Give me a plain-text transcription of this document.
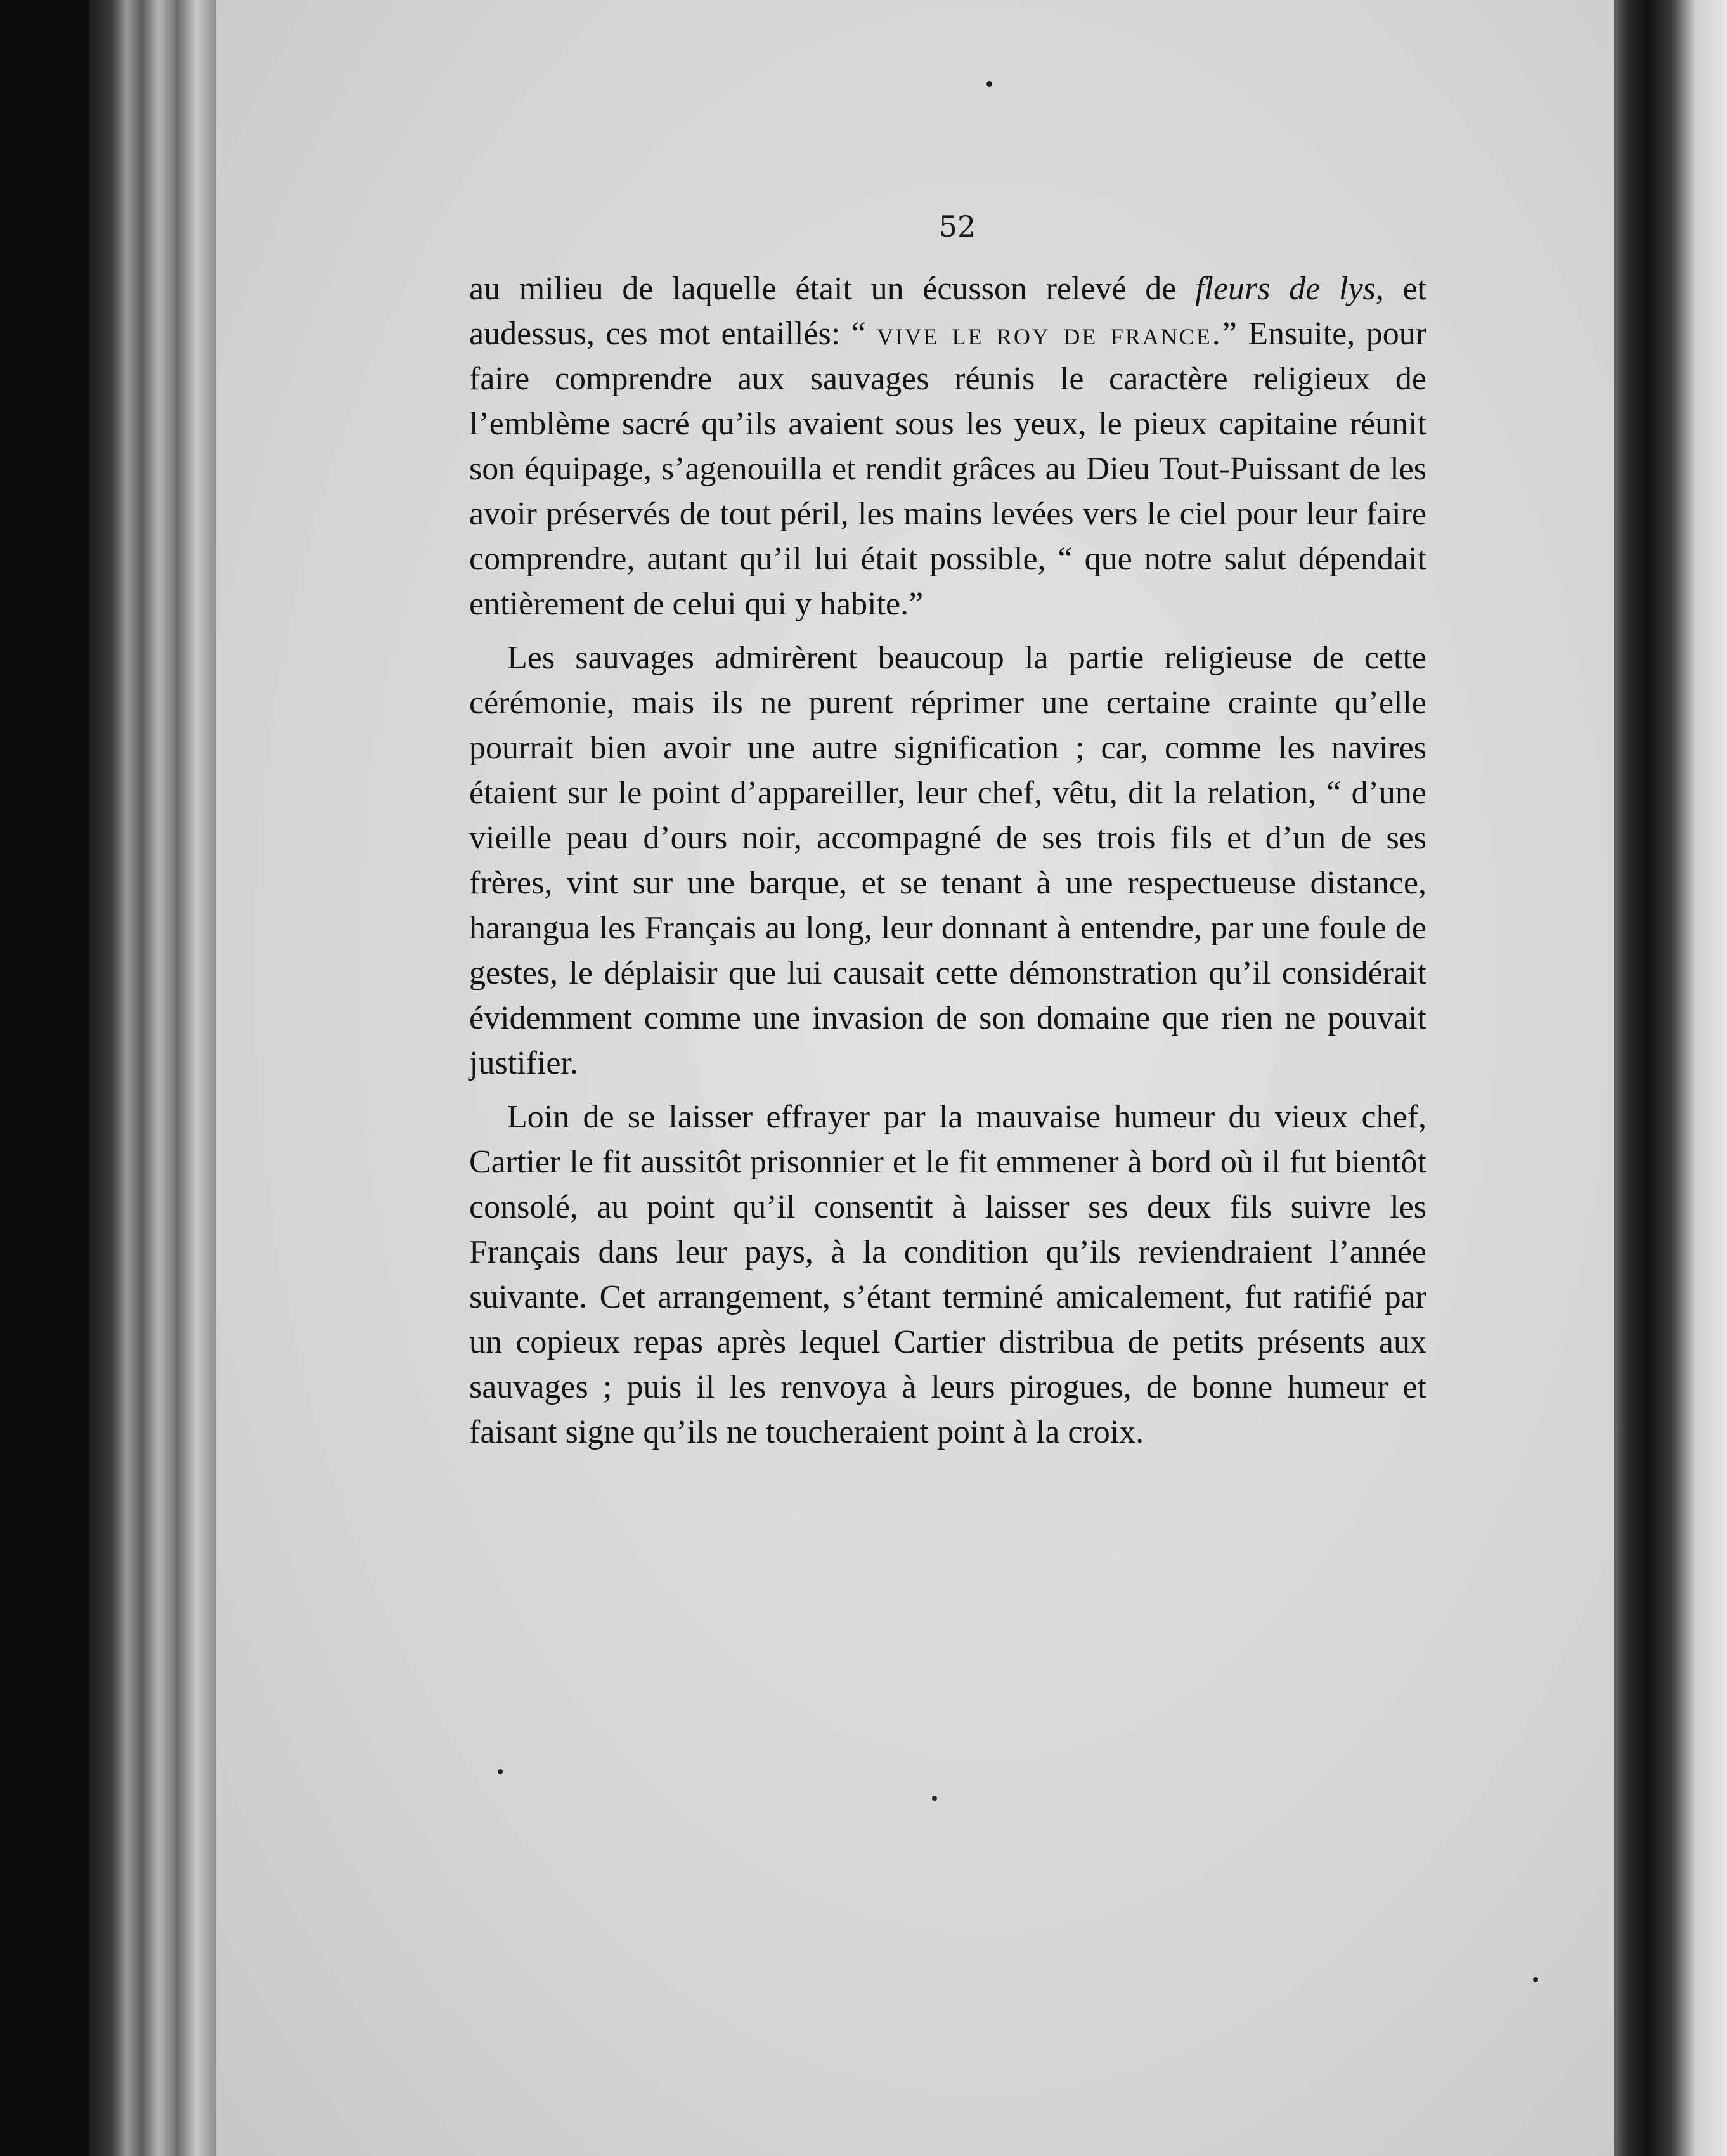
52

au milieu de laquelle était un écusson relevé de fleurs de lys, et audessus, ces mot entaillés: “ vive le roy de france.” Ensuite, pour faire comprendre aux sauvages réunis le caractère religieux de l’emblème sacré qu’ils avaient sous les yeux, le pieux capitaine réunit son équipage, s’agenouilla et rendit grâces au Dieu Tout-Puissant de les avoir préservés de tout péril, les mains levées vers le ciel pour leur faire comprendre, autant qu’il lui était possible, “ que notre salut dépendait entièrement de celui qui y habite.”

Les sauvages admirèrent beaucoup la partie religieuse de cette cérémonie, mais ils ne purent réprimer une certaine crainte qu’elle pourrait bien avoir une autre signification ; car, comme les navires étaient sur le point d’appareiller, leur chef, vêtu, dit la relation, “ d’une vieille peau d’ours noir, accompagné de ses trois fils et d’un de ses frères, vint sur une barque, et se tenant à une respectueuse distance, harangua les Français au long, leur donnant à entendre, par une foule de gestes, le déplaisir que lui causait cette démonstration qu’il considérait évidemment comme une invasion de son domaine que rien ne pouvait justifier.

Loin de se laisser effrayer par la mauvaise humeur du vieux chef, Cartier le fit aussitôt prisonnier et le fit emmener à bord où il fut bientôt consolé, au point qu’il consentit à laisser ses deux fils suivre les Français dans leur pays, à la condition qu’ils reviendraient l’année suivante. Cet arrangement, s’étant terminé amicalement, fut ratifié par un copieux repas après lequel Cartier distribua de petits présents aux sauvages ; puis il les renvoya à leurs pirogues, de bonne humeur et faisant signe qu’ils ne toucheraient point à la croix.
